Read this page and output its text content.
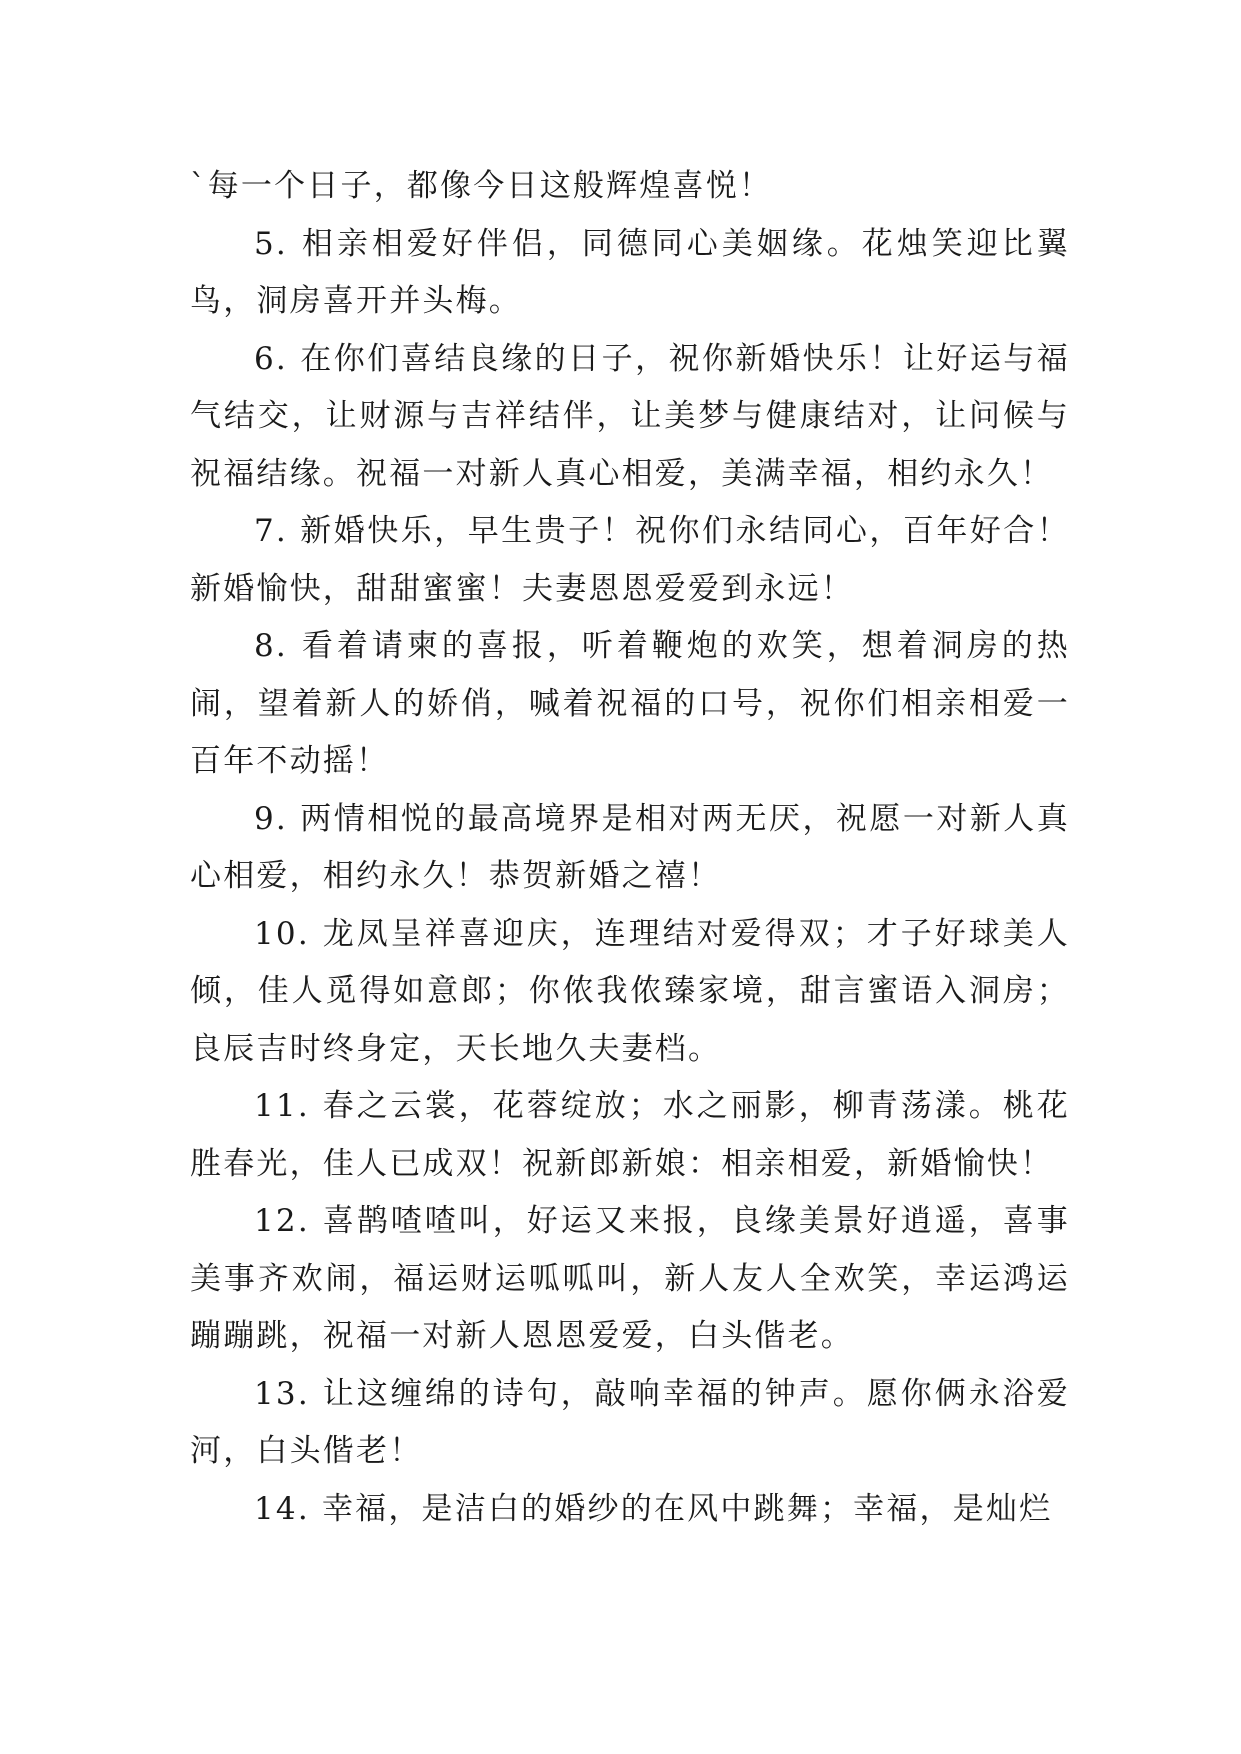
`每一个日子，都像今日这般辉煌喜悦！

5. 相亲相爱好伴侣，同德同心美姻缘。花烛笑迎比翼鸟，洞房喜开并头梅。

6. 在你们喜结良缘的日子，祝你新婚快乐！让好运与福气结交，让财源与吉祥结伴，让美梦与健康结对，让问候与祝福结缘。祝福一对新人真心相爱，美满幸福，相约永久！

7. 新婚快乐，早生贵子！祝你们永结同心，百年好合！新婚愉快，甜甜蜜蜜！夫妻恩恩爱爱到永远！

8. 看着请柬的喜报，听着鞭炮的欢笑，想着洞房的热闹，望着新人的娇俏，喊着祝福的口号，祝你们相亲相爱一百年不动摇！

9. 两情相悦的最高境界是相对两无厌，祝愿一对新人真心相爱，相约永久！恭贺新婚之禧！

10. 龙凤呈祥喜迎庆，连理结对爱得双；才子好球美人倾，佳人觅得如意郎；你侬我侬臻家境，甜言蜜语入洞房；良辰吉时终身定，天长地久夫妻档。

11. 春之云裳，花蓉绽放；水之丽影，柳青荡漾。桃花胜春光，佳人已成双！祝新郎新娘：相亲相爱，新婚愉快！

12. 喜鹊喳喳叫，好运又来报，良缘美景好逍遥，喜事美事齐欢闹，福运财运呱呱叫，新人友人全欢笑，幸运鸿运蹦蹦跳，祝福一对新人恩恩爱爱，白头偕老。

13. 让这缠绵的诗句，敲响幸福的钟声。愿你俩永浴爱河，白头偕老！

14. 幸福，是洁白的婚纱的在风中跳舞；幸福，是灿烂
